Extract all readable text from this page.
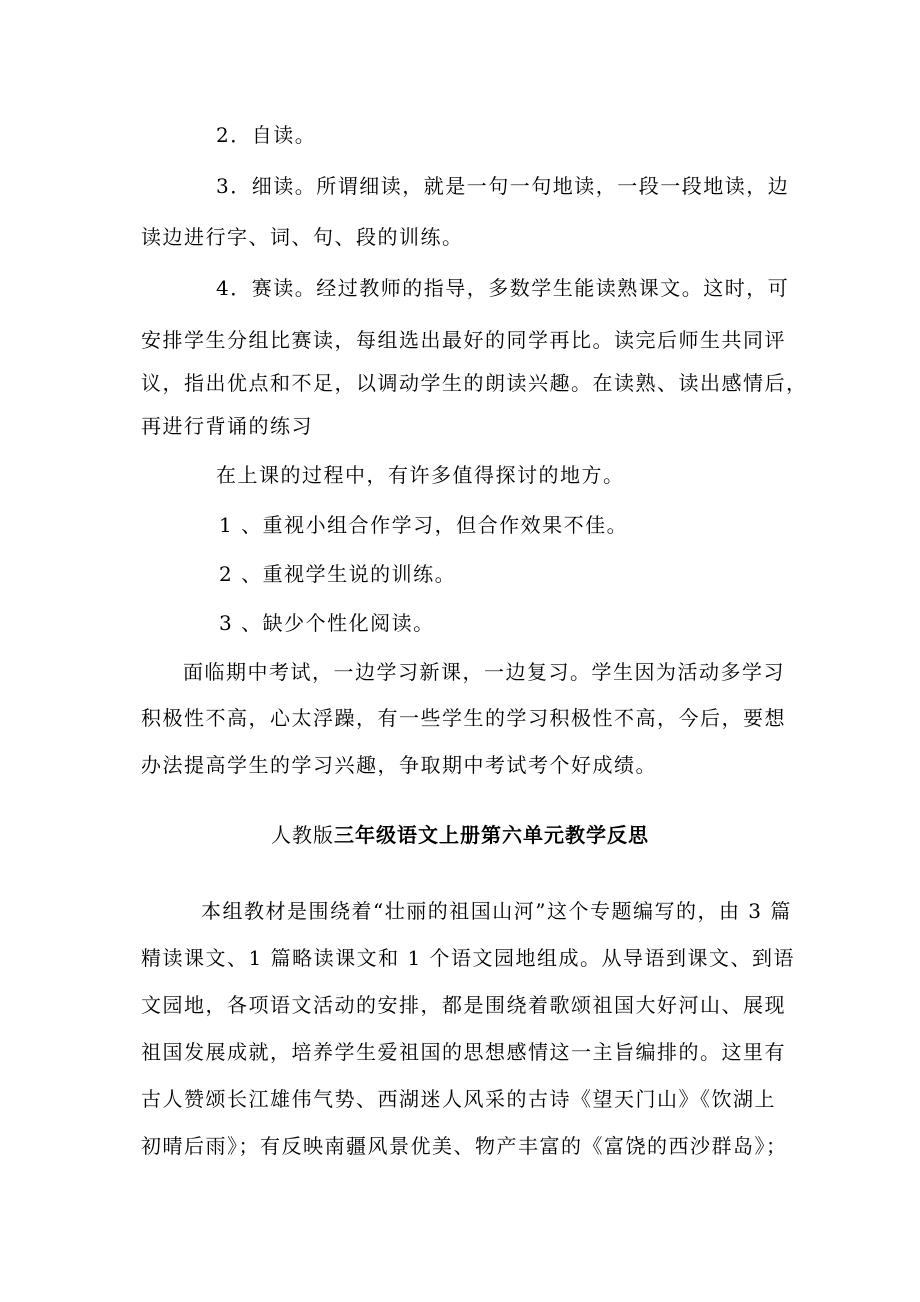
2．自读。
3．细读。所谓细读，就是一句一句地读，一段一段地读，边
读边进行字、词、句、段的训练。
4．赛读。经过教师的指导，多数学生能读熟课文。这时，可
安排学生分组比赛读，每组选出最好的同学再比。读完后师生共同评
议，指出优点和不足，以调动学生的朗读兴趣。在读熟、读出感情后，
再进行背诵的练习
在上课的过程中，有许多值得探讨的地方。
1 、重视小组合作学习，但合作效果不佳。
2 、重视学生说的训练。
3 、缺少个性化阅读。
面临期中考试，一边学习新课，一边复习。学生因为活动多学习
积极性不高，心太浮躁，有一些学生的学习积极性不高，今后，要想
办法提高学生的学习兴趣，争取期中考试考个好成绩。
人教版三年级语文上册第六单元教学反思
本组教材是围绕着“壮丽的祖国山河”这个专题编写的，由 3 篇
精读课文、1 篇略读课文和 1 个语文园地组成。从导语到课文、到语
文园地，各项语文活动的安排，都是围绕着歌颂祖国大好河山、展现
祖国发展成就，培养学生爱祖国的思想感情这一主旨编排的。这里有
古人赞颂长江雄伟气势、西湖迷人风采的古诗《望天门山》《饮湖上
初晴后雨》；有反映南疆风景优美、物产丰富的《富饶的西沙群岛》；
